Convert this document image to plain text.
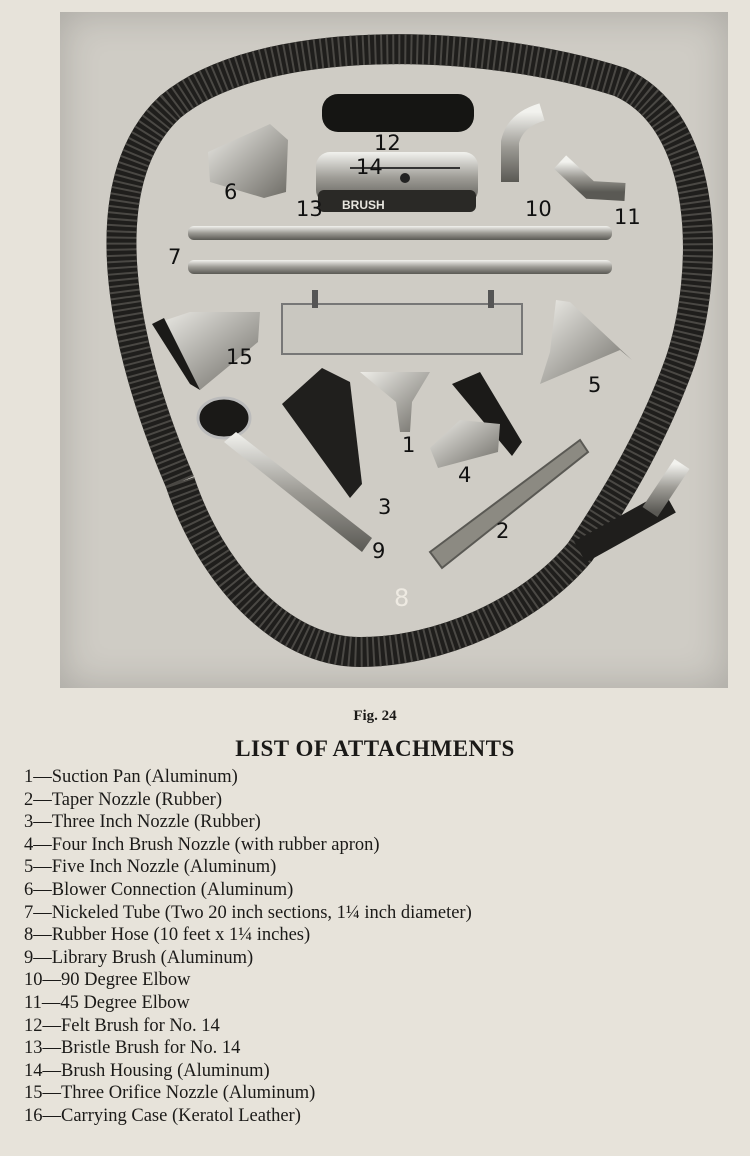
BRUSH
1
2
3
4
5
6
7
8
9
10	11
12
13
14
15
Fig. 24
LIST OF ATTACHMENTS
1—Suction Pan (Aluminum)
2—Taper Nozzle (Rubber)
3—Three Inch Nozzle (Rubber)
4—Four Inch Brush Nozzle (with rubber apron)
5—Five Inch Nozzle (Aluminum)
6—Blower Connection (Aluminum)
7—Nickeled Tube (Two 20 inch sections, 1¼ inch diameter)
8—Rubber Hose (10 feet x 1¼ inches)
9—Library Brush (Aluminum)
10—90 Degree Elbow
11—45 Degree Elbow
12—Felt Brush for No. 14
13—Bristle Brush for No. 14
14—Brush Housing (Aluminum)
15—Three Orifice Nozzle (Aluminum)
16—Carrying Case (Keratol Leather)
